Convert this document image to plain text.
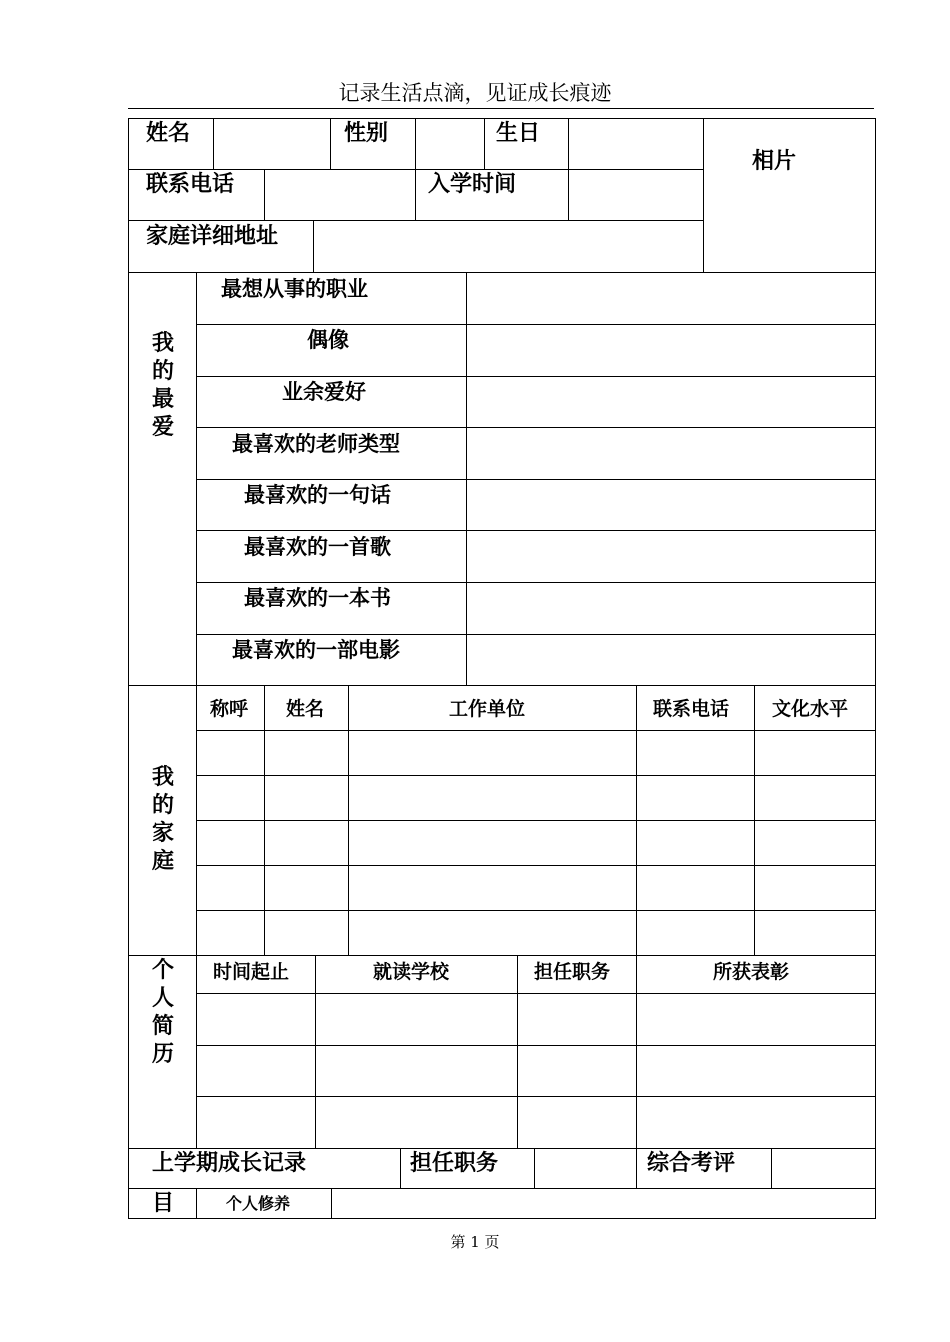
记录生活点滴，见证成长痕迹
姓名	性别	生日
相片
联系电话	入学时间
家庭详细地址
我的最爱
最想从事的职业
偶像
业余爱好
最喜欢的老师类型
最喜欢的一句话
最喜欢的一首歌
最喜欢的一本书
最喜欢的一部电影
我的家庭
称呼 姓名	工作单位	联系电话 文化水平
个人简历
时间起止	就读学校	担任职务	所获表彰
上学期成长记录	担任职务	综合考评
目	个人修养
第 1 页
